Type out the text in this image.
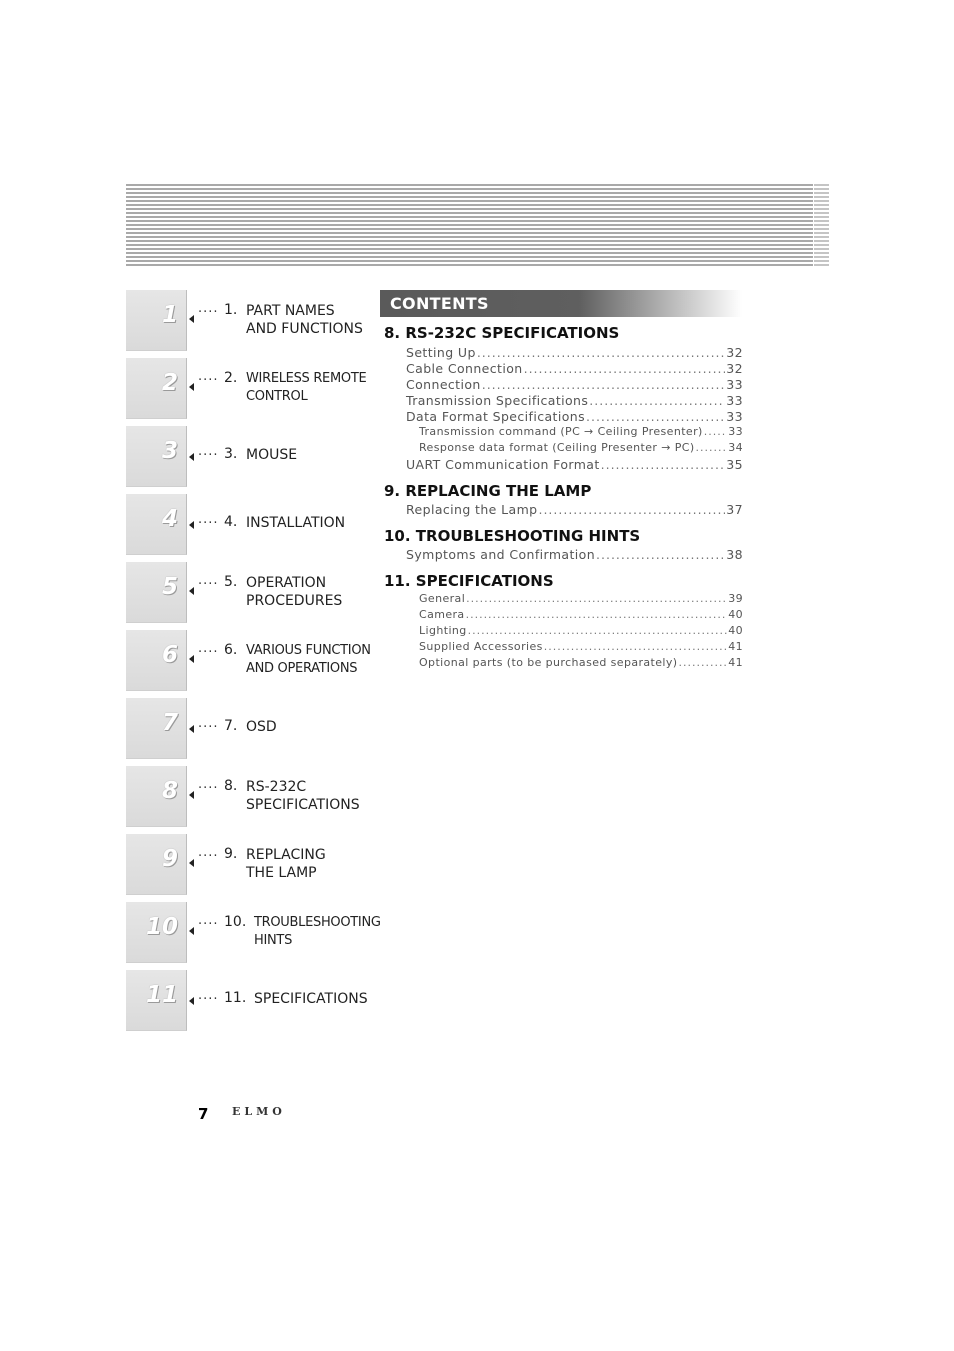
1 ···· 1. PART NAMES
AND FUNCTIONS
2 ···· 2. WIRELESS REMOTE
CONTROL
3 ···· 3. MOUSE
4 ···· 4. INSTALLATION
5 ···· 5. OPERATION
PROCEDURES
6 ···· 6. VARIOUS FUNCTION
AND OPERATIONS
7 ···· 7. OSD
8 ···· 8. RS-232C
SPECIFICATIONS
9 ···· 9. REPLACING
THE LAMP
10 ···· 10. TROUBLESHOOTING
HINTS
11 ···· 11. SPECIFICATIONS
CONTENTS
8. RS-232C SPECIFICATIONS
Setting Up .....	32
Cable Connection .....	32
Connection .....	33
Transmission Specifications .....	33
Data Format Specifications .....	33
Transmission command (PC → Ceiling Presenter) ..... 33
Response data format (Ceiling Presenter → PC) .....	34
UART Communication Format .....	35
9. REPLACING THE LAMP
Replacing the Lamp .....	37
10. TROUBLESHOOTING HINTS
Symptoms and Confirmation .....	38
11. SPECIFICATIONS
General .....	39
Camera .....	40
Lighting .....	40
Supplied Accessories .....	41
Optional parts (to be purchased separately) .....	41
7 ELMO
